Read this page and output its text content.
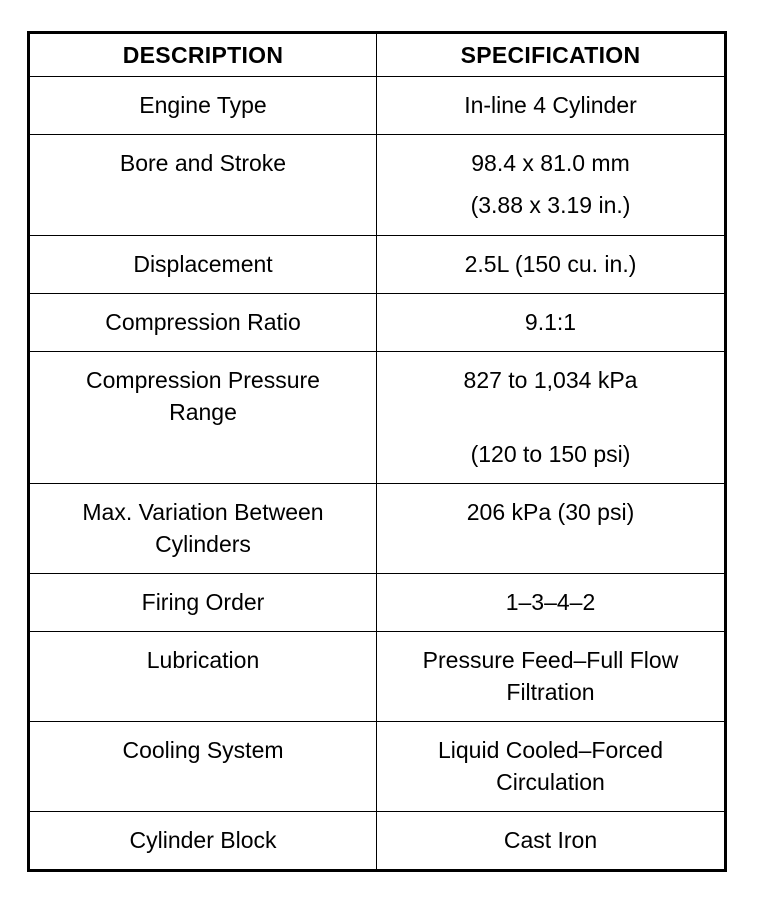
DESCRIPTION	SPECIFICATION

Engine Type	In-line 4 Cylinder

Bore and Stroke	98.4 x 81.0 mm
(3.88 x 3.19 in.)

Displacement	2.5L (150 cu. in.)

Compression Ratio	9.1:1

Compression Pressure
Range	827 to 1,034 kPa
(120 to 150 psi)

Max. Variation Between
Cylinders	206 kPa (30 psi)

Firing Order	1–3–4–2

Lubrication	Pressure Feed–Full Flow
Filtration

Cooling System	Liquid Cooled–Forced
Circulation

Cylinder Block	Cast Iron
